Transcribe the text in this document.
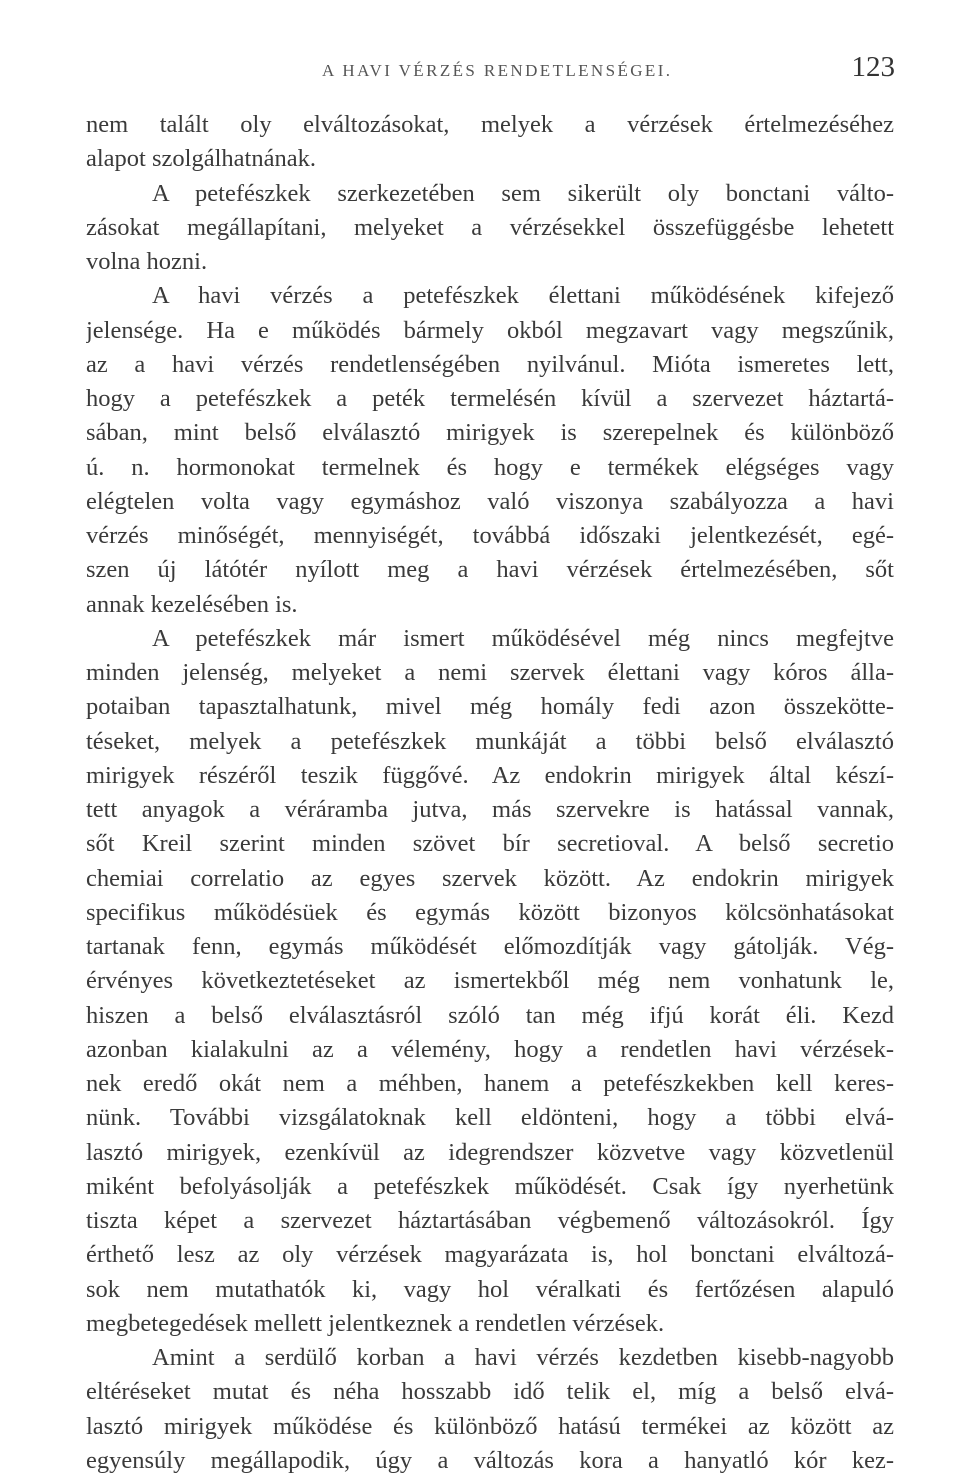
A HAVI VÉRZÉS RENDETLENSÉGEI.	123
nem talált oly elváltozásokat, melyek a vérzések értelmezéséhez
alapot szolgálhatnának.
A petefészkek szerkezetében sem sikerült oly bonctani válto-
zásokat megállapítani, melyeket a vérzésekkel összefüggésbe lehetett
volna hozni.
A havi vérzés a petefészkek élettani működésének kifejező
jelensége. Ha e működés bármely okból megzavart vagy megszűnik,
az a havi vérzés rendetlenségében nyilvánul. Mióta ismeretes lett,
hogy a petefészkek a peték termelésén kívül a szervezet háztartá-
sában, mint belső elválasztó mirigyek is szerepelnek és különböző
ú. n. hormonokat termelnek és hogy e termékek elégséges vagy
elégtelen volta vagy egymáshoz való viszonya szabályozza a havi
vérzés minőségét, mennyiségét, továbbá időszaki jelentkezését, egé-
szen új látótér nyílott meg a havi vérzések értelmezésében, sőt
annak kezelésében is.
A petefészkek már ismert működésével még nincs megfejtve
minden jelenség, melyeket a nemi szervek élettani vagy kóros álla-
potaiban tapasztalhatunk, mivel még homály fedi azon összekötte-
téseket, melyek a petefészkek munkáját a többi belső elválasztó
mirigyek részéről teszik függővé. Az endokrin mirigyek által készí-
tett anyagok a véráramba jutva, más szervekre is hatással vannak,
sőt Kreil szerint minden szövet bír secretioval. A belső secretio
chemiai correlatio az egyes szervek között. Az endokrin mirigyek
specifikus működésüek és egymás között bizonyos kölcsönhatásokat
tartanak fenn, egymás működését előmozdítják vagy gátolják. Vég-
érvényes következtetéseket az ismertekből még nem vonhatunk le,
hiszen a belső elválasztásról szóló tan még ifjú korát éli. Kezd
azonban kialakulni az a vélemény, hogy a rendetlen havi vérzések-
nek eredő okát nem a méhben, hanem a petefészkekben kell keres-
nünk. További vizsgálatoknak kell eldönteni, hogy a többi elvá-
lasztó mirigyek, ezenkívül az idegrendszer közvetve vagy közvetlenül
miként befolyásolják a petefészkek működését. Csak így nyerhetünk
tiszta képet a szervezet háztartásában végbemenő változásokról. Így
érthető lesz az oly vérzések magyarázata is, hol bonctani elváltozá-
sok nem mutathatók ki, vagy hol véralkati és fertőzésen alapuló
megbetegedések mellett jelentkeznek a rendetlen vérzések.
Amint a serdülő korban a havi vérzés kezdetben kisebb-nagyobb
eltéréseket mutat és néha hosszabb idő telik el, míg a belső elvá-
lasztó mirigyek működése és különböző hatású termékei az között az
egyensúly megállapodik, úgy a változás kora a hanyatló kór kez-
